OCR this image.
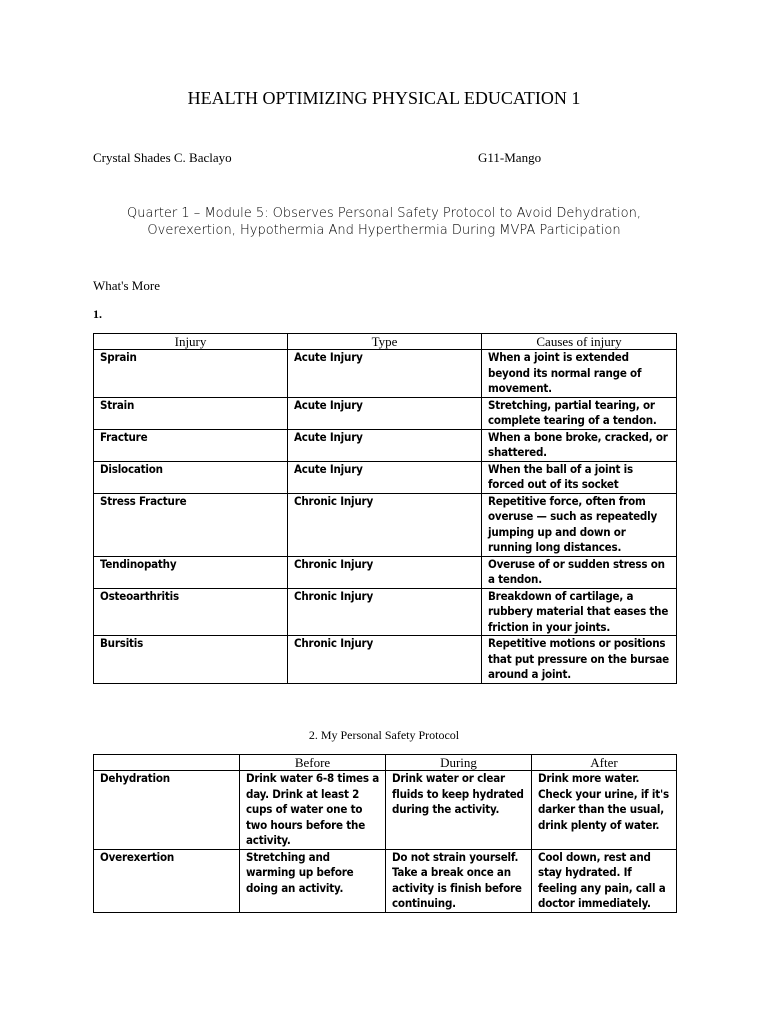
HEALTH OPTIMIZING PHYSICAL EDUCATION 1
Crystal Shades C. Baclayo	G11-Mango
Quarter 1 – Module 5: Observes Personal Safety Protocol to Avoid Dehydration,
Overexertion, Hypothermia And Hyperthermia During MVPA Participation
What's More
1.
Injury	Type	Causes of injury
Sprain	Acute Injury	When a joint is extended beyond its normal range of movement.
Strain	Acute Injury	Stretching, partial tearing, or complete tearing of a tendon.
Fracture	Acute Injury	When a bone broke, cracked, or shattered.
Dislocation	Acute Injury	When the ball of a joint is forced out of its socket
Stress Fracture	Chronic Injury	Repetitive force, often from overuse — such as repeatedly jumping up and down or running long distances.
Tendinopathy	Chronic Injury	Overuse of or sudden stress on a tendon.
Osteoarthritis	Chronic Injury	Breakdown of cartilage, a rubbery material that eases the friction in your joints.
Bursitis	Chronic Injury	Repetitive motions or positions that put pressure on the bursae around a joint.
2. My Personal Safety Protocol
	Before	During	After
Dehydration	Drink water 6-8 times a day. Drink at least 2 cups of water one to two hours before the activity.	Drink water or clear fluids to keep hydrated during the activity.	Drink more water. Check your urine, if it's darker than the usual, drink plenty of water.
Overexertion	Stretching and warming up before doing an activity.	Do not strain yourself. Take a break once an activity is finish before continuing.	Cool down, rest and stay hydrated. If feeling any pain, call a doctor immediately.
